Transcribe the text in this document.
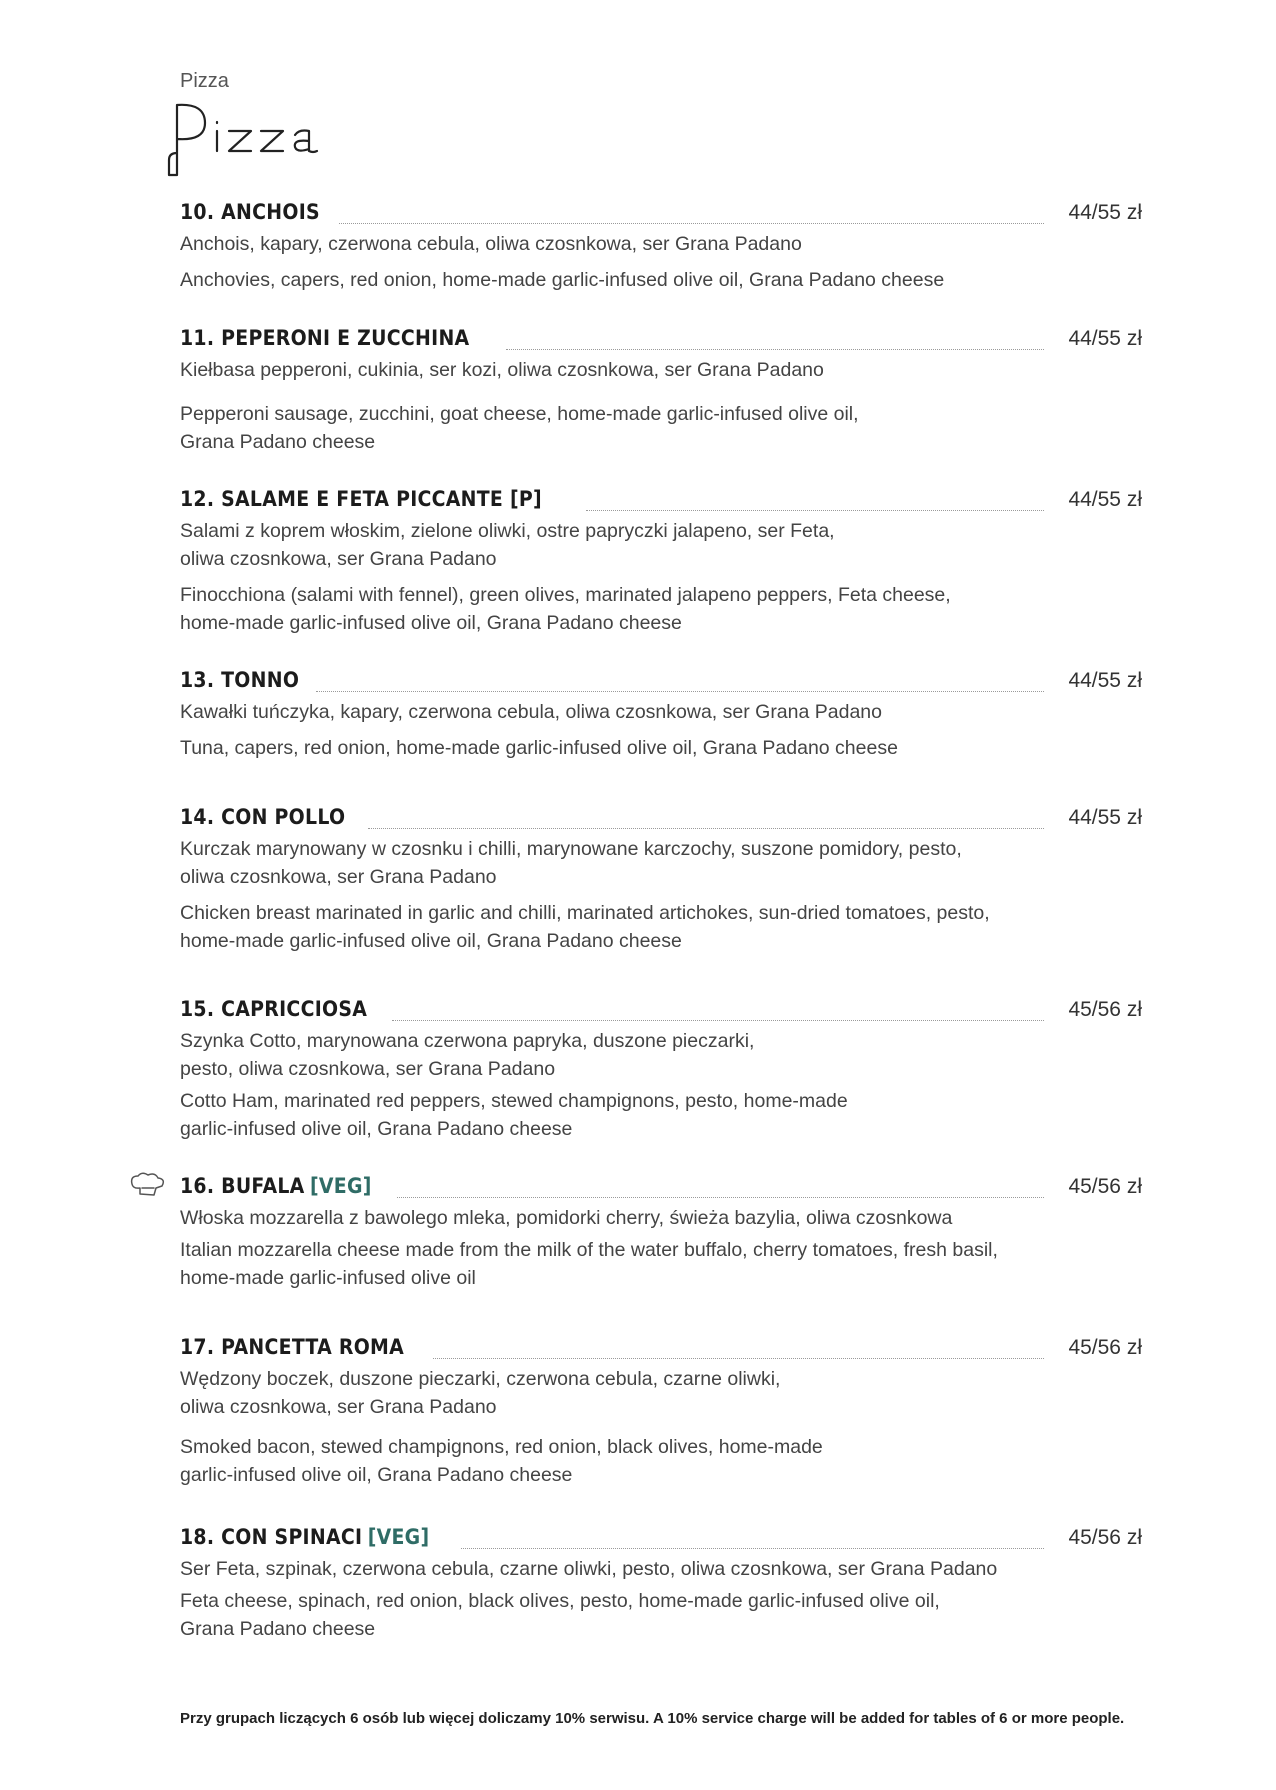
Pizza
10. ANCHOIS	44/55 zł

Anchois, kapary, czerwona cebula, oliwa czosnkowa, ser Grana Padano

Anchovies, capers, red onion, home-made garlic-infused olive oil, Grana Padano cheese

11. PEPERONI E ZUCCHINA	44/55 zł

Kiełbasa pepperoni, cukinia, ser kozi, oliwa czosnkowa, ser Grana Padano

Pepperoni sausage, zucchini, goat cheese, home-made garlic-infused olive oil,
Grana Padano cheese

12. SALAME E FETA PICCANTE [P]	44/55 zł

Salami z koprem włoskim, zielone oliwki, ostre papryczki jalapeno, ser Feta,
oliwa czosnkowa, ser Grana Padano

Finocchiona (salami with fennel), green olives, marinated jalapeno peppers, Feta cheese,
home-made garlic-infused olive oil, Grana Padano cheese

13. TONNO	44/55 zł

Kawałki tuńczyka, kapary, czerwona cebula, oliwa czosnkowa, ser Grana Padano

Tuna, capers, red onion, home-made garlic-infused olive oil, Grana Padano cheese

14. CON POLLO	44/55 zł

Kurczak marynowany w czosnku i chilli, marynowane karczochy, suszone pomidory, pesto,
oliwa czosnkowa, ser Grana Padano

Chicken breast marinated in garlic and chilli, marinated artichokes, sun-dried tomatoes, pesto,
home-made garlic-infused olive oil, Grana Padano cheese

15. CAPRICCIOSA	45/56 zł

Szynka Cotto, marynowana czerwona papryka, duszone pieczarki,
pesto, oliwa czosnkowa, ser Grana Padano

Cotto Ham, marinated red peppers, stewed champignons, pesto, home-made
garlic-infused olive oil, Grana Padano cheese

16. BUFALA [VEG]	45/56 zł

Włoska mozzarella z bawolego mleka, pomidorki cherry, świeża bazylia, oliwa czosnkowa

Italian mozzarella cheese made from the milk of the water buffalo, cherry tomatoes, fresh basil,
home-made garlic-infused olive oil

17. PANCETTA ROMA	45/56 zł

Wędzony boczek, duszone pieczarki, czerwona cebula, czarne oliwki,
oliwa czosnkowa, ser Grana Padano

Smoked bacon, stewed champignons, red onion, black olives, home-made
garlic-infused olive oil, Grana Padano cheese

18. CON SPINACI [VEG]	45/56 zł

Ser Feta, szpinak, czerwona cebula, czarne oliwki, pesto, oliwa czosnkowa, ser Grana Padano

Feta cheese, spinach, red onion, black olives, pesto, home-made garlic-infused olive oil,
Grana Padano cheese

Przy grupach liczących 6 osób lub więcej doliczamy 10% serwisu. A 10% service charge will be added for tables of 6 or more people.
